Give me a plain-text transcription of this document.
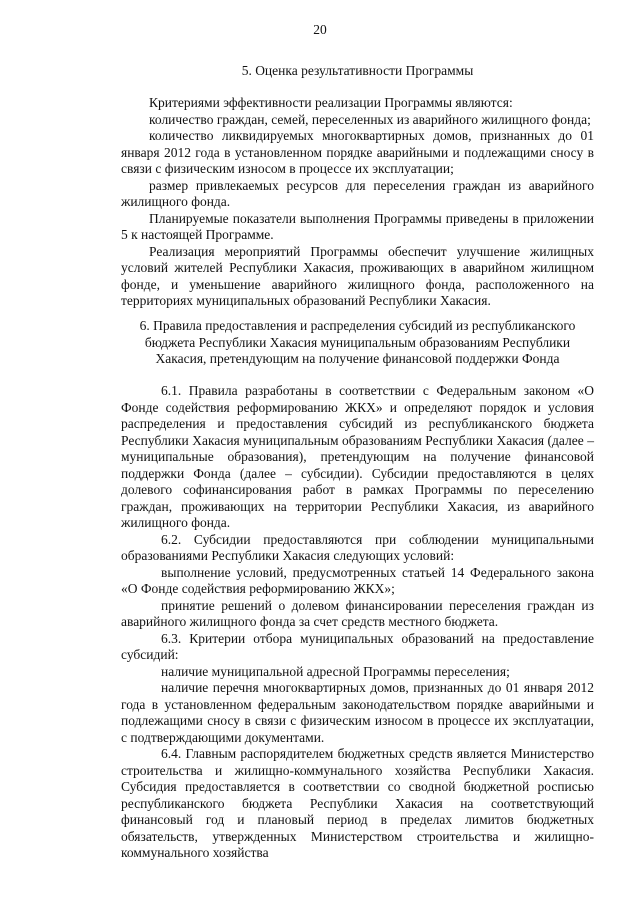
20
5. Оценка результативности Программы

Критериями эффективности реализации Программы являются:

количество граждан, семей, переселенных из аварийного жилищного фонда;

количество ликвидируемых многоквартирных домов, признанных до 01 января 2012 года в установленном порядке аварийными и подлежащими сносу в связи с физическим износом в процессе их эксплуатации;

размер привлекаемых ресурсов для переселения граждан из аварийного жилищного фонда.

Планируемые показатели выполнения Программы приведены в приложении 5 к настоящей Программе.

Реализация мероприятий Программы обеспечит улучшение жилищных условий жителей Республики Хакасия, проживающих в аварийном жилищном фонде, и уменьшение аварийного жилищного фонда, расположенного на территориях муниципальных образований Республики Хакасия.

6. Правила предоставления и распределения субсидий из республиканского бюджета Республики Хакасия муниципальным образованиям Республики Хакасия, претендующим на получение финансовой поддержки Фонда

6.1. Правила разработаны в соответствии с Федеральным законом «О Фонде содействия реформированию ЖКХ» и определяют порядок и условия распределения и предоставления субсидий из республиканского бюджета Республики Хакасия муниципальным образованиям Республики Хакасия (далее – муниципальные образования), претендующим на получение финансовой поддержки Фонда (далее – субсидии). Субсидии предоставляются в целях долевого софинансирования работ в рамках Программы по переселению граждан, проживающих на территории Республики Хакасия, из аварийного жилищного фонда.

6.2. Субсидии предоставляются при соблюдении муниципальными образованиями Республики Хакасия следующих условий:

выполнение условий, предусмотренных статьей 14 Федерального закона «О Фонде содействия реформированию ЖКХ»;

принятие решений о долевом финансировании переселения граждан из аварийного жилищного фонда за счет средств местного бюджета.

6.3. Критерии отбора муниципальных образований на предоставление субсидий:

наличие муниципальной адресной Программы переселения;

наличие перечня многоквартирных домов, признанных до 01 января 2012 года в установленном федеральным законодательством порядке аварийными и подлежащими сносу в связи с физическим износом в процессе их эксплуатации, с подтверждающими документами.

6.4. Главным распорядителем бюджетных средств является Министерство строительства и жилищно-коммунального хозяйства Республики Хакасия. Субсидия предоставляется в соответствии со сводной бюджетной росписью республиканского бюджета Республики Хакасия на соответствующий финансовый год и плановый период в пределах лимитов бюджетных обязательств, утвержденных Министерством строительства и жилищно-коммунального хозяйства
